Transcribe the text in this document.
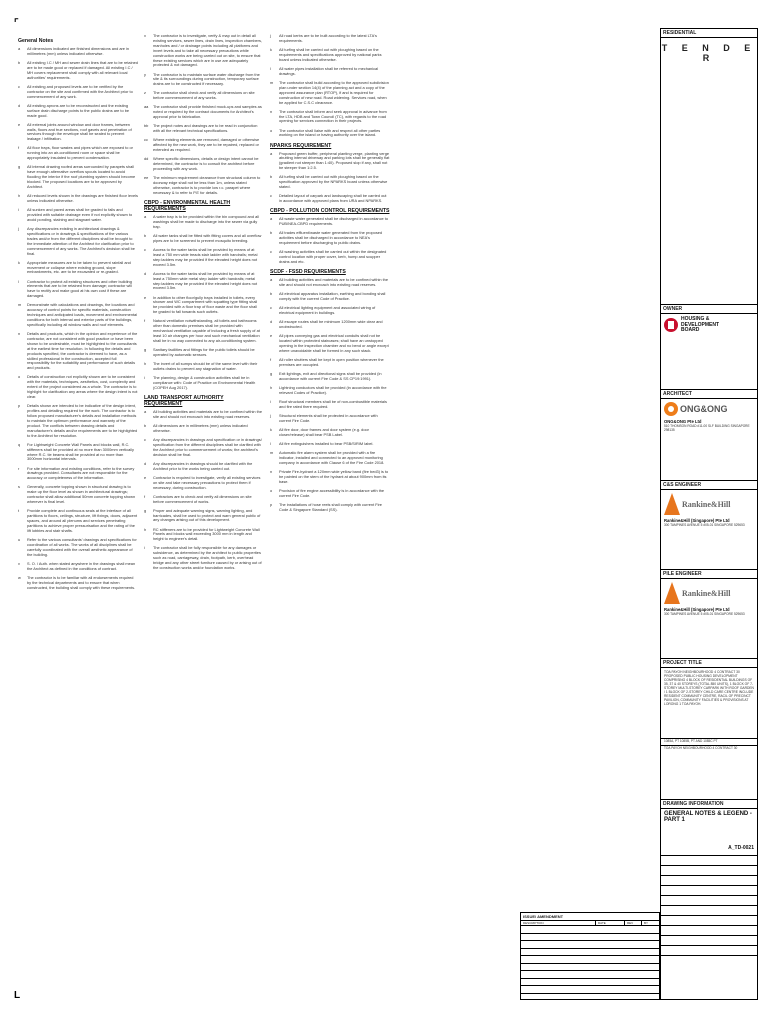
⌜
L
General Notes
a	All dimensions indicated are finished dimensions and are in millimetres (mm) unless indicated otherwise.
b	All existing I.C / MH and sewer drain lines that are to be retained are to be made good or replaced if damaged. All existing I.C / MH covers replacement shall comply with all relevant local authorities' requirements.
c	All existing and proposed levels are to be verified by the contractor on the site and confirmed with the Architect prior to commencement of any work.
d	All existing aprons are to be reconstructed and the existing surface drain discharge points to the public drains are to be made good.
e	All external joints around window and door frames, between walls, floors and true sections, roof gaveis and penetration of services through the envelope shall be sealed to prevent leakage / infiltration.
f	All floor traps, floor wastes and pipes which are exposed to or running into an air-conditioned room or space shall be appropriately insulated to prevent condensation.
g	All internal drawing roofed areas surrounded by parapets shall have enough alternative overflow spouts located to avoid flooding the interior if the roof plumbing system should become blocked. The proposed locations are to be approved by Architect.
h	All reduced levels shown in the drawings are finished floor levels unless indicated otherwise.
i	All sunken and paved areas shall be graded to falls and provided with suitable drainage even if not explicitly shown to avoid ponding, staining and stagnant water.
j	Any discrepancies existing in architectural drawings & specifications or in drawings & specifications of the various trades and/or from the different disciplines shall be brought to the immediate attention of the Architect for clarification prior to commencement of any works. The Architect's decision shall be final.
k	Appropriate measures are to be taken to prevent rainfall and movement or collapse where existing ground, slope embankments, etc. are to be excavated or re-graded.
l	Contractor to protect all existing structures and other building elements that are to be retained from damage; contractor will have to rectify and make good at his own cost if these are damaged.
m	Demonstrate with calculations and drawings, the locations and accuracy of control points for specific materials, construction techniques and anticipated loads, movement and environmental conditions for both internal and exterior parts of the buildings, specifically including all window walls and roof elements.
n	Details and products, which in the opinion and experience of the contractor, are not consistent with good practice or have been shown to be undesirable, must be highlighted to the consultants at the earliest time for resolution. In following the details and products specified, the contractor is deemed to have, as a skilled professional in the construction, accepted full responsibility for the suitability and performance of such details and products.
o	Details of construction not explicitly shown are to be consistent with the materials, techniques, aesthetics, cost, complexity and extent of the project considered as a whole. The contractor is to highlight for clarification any areas where the design intent is not clear.
p	Details shown are intended to be indicative of the design intent, profiles and detailing required for the work. The contractor is to follow proposed manufacturer's details and installation methods to maintain the optimum performance and warranty of the product. The conflicts between drawing details and manufacturer's details and/or requirements are to be highlighted to the Architect for resolution.
q	For Lightweight Concrete Wall Panels and blocks wall, R.C. stiffeners shall be provided at no more than 3000mm vertically where R.C. tie beams shall be provided at no more than 3000mm horizontal intervals.
r	For site information and existing conditions, refer to the survey drawings provided. Consultants are not responsible for the accuracy or completeness of the information.
s	Generally, concrete topping shown in structural drawing is to make up the floor level as shown in architectural drawings; contractor shall allow additional 50mm concrete topping shown wherever is final level.
t	Provide complete and continuous seals at the interface of all partitions to floors, ceilings, structure, lift fixings, doors, adjacent spaces, and around all plenums and services penetrating partitions to achieve proper pressurisation and the rating of the lift lobbies and stair shafts.
u	Refer to the various consultants' drawings and specifications for coordination of all works. The works of all disciplines shall be carefully coordinated with the overall aesthetic appearance of the building.
v	S. O. / Auth. when stated anywhere in the drawings shall mean the Architect as defined in the conditions of contract.
w	The contractor is to be familiar with all endorsements required by the technical departments and to ensure that when constructed, the building shall comply with these requirements.
x	The contractor is to investigate, verify & map out in detail all existing services, sewer lines, drain lines, inspection chambers, manholes and / or drainage points including all platforms and invert levels and to take all necessary precautions while construction works are being carried out on site, to ensure that these existing services which are in use are adequately protected & not damaged.
y	The contractor is to maintain surface water discharge from the site & its surroundings during construction, temporary surface drains are to be constructed if necessary.
z	The contractor shall check and verify all dimensions on site before commencement of any works.
aa	The contractor shall provide finished mock-ups and samples as noted or required by the contract documents for Architect's approval prior to fabrication.
bb	The project notes and drawings are to be read in conjunction with all the relevant technical specifications.
cc	Where existing elements are removed, damaged or otherwise affected by the new work, they are to be repaired, replaced or extended as required.
dd	Where specific dimensions, details or design intent cannot be determined, the contractor is to consult the architect before proceeding with any work.
ee	The minimum requirement clearance from structural column to doorway edge shall not be less than 1m, unless stated otherwise, contractor is to provide low r.c. parapet where necessary & to refer to P.E for details.
CBPD - ENVIRONMENTAL HEALTH REQUIREMENTS
a	A water trap is to be provided within the bin compound and all washings shall be made to discharge into the sewer via gully trap.
b	All water tanks shall be fitted with fitting covers and all overflow pipes are to be screened to prevent mosquito breeding.
c	Access to the water tanks shall be provided by means of at least a 750 mm wide treads stair ladder with handrails; metal step ladders may be provided if the elevated height does not exceed 3.5m.
d	Access to the water tanks shall be provided by means of at least a 750mm wide metal step ladder with handrails; metal step ladders may be provided if the elevated height does not exceed 3.5m.
e	In addition to other floor/gully traps installed in toilets, every shower and WC compartment with squatting type fitting shall be provided with a floor trap of floor waste and the floor shall be graded to fall towards such outlets.
f	Natural ventilation notwithstanding, all toilets and bathrooms other than domestic premises shall be provided with mechanical ventilation capable of inducing a fresh supply of at least 10 air changes per hour and such mechanical ventilation shall be in no way connected to any air-conditioning system.
g	Sanitary facilities and fittings for the public toilets should be operated by automatic sensors.
h	The invert of all sumps should be of the same level with their outlets drains to prevent any stagnation of water.
i	The planning, design & construction activities shall be in compliance with: Code of Practice on Environmental Health (COPEH Aug 2017).
LAND TRANSPORT AUTHORITY REQUIREMENT
a	All building activities and materials are to be confined within the site and should not encroach into existing road reserves.
b	All dimensions are in millimetres (mm) unless indicated otherwise.
c	Any discrepancies in drawings and specification or in drawings/ specification from the different disciplines shall be clarified with the Architect prior to commencement of works; the architect's decision shall be final.
d	Any discrepancies in drawings should be clarified with the Architect prior to the works being carried out.
e	Contractor is required to investigate, verify all existing services on site and take necessary precautions to protect them if necessary, during construction.
f	Contractors are to check and verify all dimensions on site before commencement of works.
g	Proper and adequate warning signs, warning lighting, and barricades, shall be used to protect and warn general public of any changes arising out of this development.
h	RC stiffeners are to be provided for Lightweight Concrete Wall Panels and blocks wall exceeding 3000 mm in length and height to engineer's detail.
i	The contractor shall be fully responsible for any damages or subsidence, as determined by the architect to public properties such as road, carriageway, drain, footpath, kerb, overhead bridge and any other street furniture caused by or arising out of the construction works and/or foundation works.
j	All road kerbs are to be built according to the latest LTA's requirements.
k	All turfing shall be carried out with ploughing based on the requirements and specifications approved by national parks board unless indicated otherwise.
l	All water pipes installation shall be referred to mechanical drawings.
m	The contractor shall build according to the approved subdivision plan under section 14(4) of the planning act and a copy of the approved assurance plan (RTOP), if and is required for construction of new road. Road widening. Services road, when be applied for C.S.C clearance.
n	The contractor shall inform and seek approval in advance from the LTA, HDB and Town Council (TC), with regards to the road opening for services connection in their projects.
o	The contractor shall liaise with and respect all other parties working on the island or having authority over the island.
NPARKS REQUIREMENT
a	Proposed green buffer, peripheral planting verge, planting verge abutting internal driveway and parking lots shall be generally flat (gradient not steeper than 1:40). Proposed slop if any, shall not be steeper than 1:2.5.
b	All turfing shall be carried out with ploughing based on the specification approved by the NPARKS board unless otherwise stated.
c	Detailed layout of carpark and landscaping shall be carried out in accordance with approved plans from URA and NPARKS.
CBPD - POLLUTION CONTROL REQUIREMENTS
a	All waste water generated shall be discharged in accordance to PUB/NEA-CBPD requirements.
b	All trades effluent/waste water generated from the proposed activities shall be discharged in accordance to NEA's requirement before discharging to public drains.
c	All washing activities shall be carried out within the designated control location with proper cover, kerb, hump and scupper drains and etc.
SCDF - FSSD REQUIREMENTS
a	All building activities and materials are to be confined within the site and should not encroach into existing road reserves.
b	All electrical apparatus installation, earthing and bonding shall comply with the current Code of Practice.
c	All electrical lighting equipment and associated wiring of electrical equipment in buildings.
d	All escape routes shall be minimum 1200mm wide clear and unobstructed.
e	All pipes conveying gas and electrical conduits shall not be located within protected staircases; shall have an unstopped opening in the inspection chamber and no bend or angle except where unavoidable shall be formed in any such stack.
f	All roller shutters shall be kept in open position whenever the premises are occupied.
g	Exit lightings, exit and directional signs shall be provided (in accordance with current Fire Code & SS CP19:1991).
h	Lightning conductors shall be provided (in accordance with the relevant Codes of Practice).
i	Roof structural members shall be of non-combustible materials and fire rated there required.
j	Structural elements shall be protected in accordance with current Fire Code.
k	All fire door, door frames and door system (e.g. door closer/release) shall bear PSB Label.
l	All fire extinguishers installed to bear PSB/SIRIM label.
m	Automatic fire alarm system shall be provided with a fire indicator, installed and connected to an approved monitoring company in accordance with Clause 6 of the Fire Code 2018.
n	Private Fire-hydrant a 120mm wide yellow band (fire bed3) is to be painted on the stem of the hydrant at about 900mm from its base.
o	Provision of fire engine accessibility is in accordance with the current Fire Code.
p	The installations of hose reels shall comply with current Fire Code & Singapore Standard (SS).
ISSUE/ AMENDMENT
DESCRIPTION	DATE	REV	BY
RESIDENTIAL
T E N D E R
OWNER
HOUSING &
DEVELOPMENT
BOARD
ARCHITECT
ONG&ONG
ONG&ONG Pte Ltd
510 THOMSON ROAD #11-00 SLF BUILDING SINGAPORE 298135
C&S ENGINEER
Rankine&Hill
Rankine&Hill (Singapore) Pte Ltd
300 TAMPINES AVENUE 5 #05-01 SINGAPORE 529653
PILE ENGINEER
Rankine&Hill
Rankine&Hill (Singapore) Pte Ltd
300 TAMPINES AVENUE 5 #05-01 SINGAPORE 529653
PROJECT TITLE
TOA PAYOH NEIGHBOURHOOD 4 CONTRACT 30 PROPOSED PUBLIC HOUSING DEVELOPMENT COMPRISING 4 BLOCK OF RESIDENTIAL BUILDINGS OF 35, 37 & 40 STOREYS (TOTAL 850 UNITS), 1 BLOCK OF 7-STOREY MULTI-STOREY CARPARK WITH ROOF GARDEN / 1 BLOCK OF 2-STOREY CHILD CARE CENTRE INCLUDE RESIDENT COMMUNITY CENTRE, RACIL OF PRECINCT PAVILION, COMMUNITY FACILITIES & PROVISIONS AT LORONG 1 TOA PAYOH.
1085A, PT 1085B, PT AND 1085C PT
TOA PAYOH NEIGHBOURHOOD 4 CONTRACT 30
DRAWING INFORMATION
GENERAL NOTES & LEGEND - PART 1
A_TD-0021
